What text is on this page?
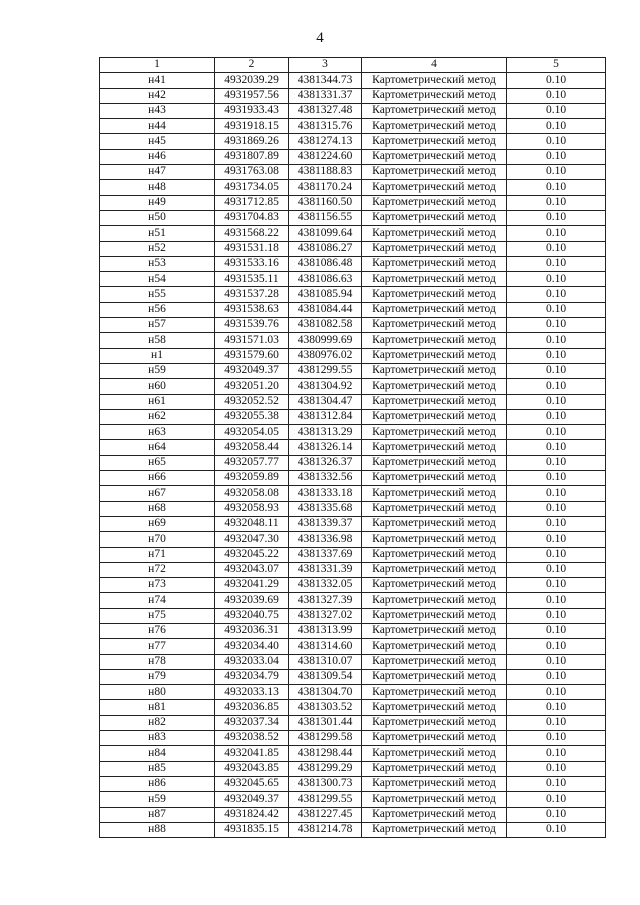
4
1	2	3	4	5
н41	4932039.29	4381344.73	Картометрический метод	0.10
н42	4931957.56	4381331.37	Картометрический метод	0.10
н43	4931933.43	4381327.48	Картометрический метод	0.10
н44	4931918.15	4381315.76	Картометрический метод	0.10
н45	4931869.26	4381274.13	Картометрический метод	0.10
н46	4931807.89	4381224.60	Картометрический метод	0.10
н47	4931763.08	4381188.83	Картометрический метод	0.10
н48	4931734.05	4381170.24	Картометрический метод	0.10
н49	4931712.85	4381160.50	Картометрический метод	0.10
н50	4931704.83	4381156.55	Картометрический метод	0.10
н51	4931568.22	4381099.64	Картометрический метод	0.10
н52	4931531.18	4381086.27	Картометрический метод	0.10
н53	4931533.16	4381086.48	Картометрический метод	0.10
н54	4931535.11	4381086.63	Картометрический метод	0.10
н55	4931537.28	4381085.94	Картометрический метод	0.10
н56	4931538.63	4381084.44	Картометрический метод	0.10
н57	4931539.76	4381082.58	Картометрический метод	0.10
н58	4931571.03	4380999.69	Картометрический метод	0.10
н1	4931579.60	4380976.02	Картометрический метод	0.10
н59	4932049.37	4381299.55	Картометрический метод	0.10
н60	4932051.20	4381304.92	Картометрический метод	0.10
н61	4932052.52	4381304.47	Картометрический метод	0.10
н62	4932055.38	4381312.84	Картометрический метод	0.10
н63	4932054.05	4381313.29	Картометрический метод	0.10
н64	4932058.44	4381326.14	Картометрический метод	0.10
н65	4932057.77	4381326.37	Картометрический метод	0.10
н66	4932059.89	4381332.56	Картометрический метод	0.10
н67	4932058.08	4381333.18	Картометрический метод	0.10
н68	4932058.93	4381335.68	Картометрический метод	0.10
н69	4932048.11	4381339.37	Картометрический метод	0.10
н70	4932047.30	4381336.98	Картометрический метод	0.10
н71	4932045.22	4381337.69	Картометрический метод	0.10
н72	4932043.07	4381331.39	Картометрический метод	0.10
н73	4932041.29	4381332.05	Картометрический метод	0.10
н74	4932039.69	4381327.39	Картометрический метод	0.10
н75	4932040.75	4381327.02	Картометрический метод	0.10
н76	4932036.31	4381313.99	Картометрический метод	0.10
н77	4932034.40	4381314.60	Картометрический метод	0.10
н78	4932033.04	4381310.07	Картометрический метод	0.10
н79	4932034.79	4381309.54	Картометрический метод	0.10
н80	4932033.13	4381304.70	Картометрический метод	0.10
н81	4932036.85	4381303.52	Картометрический метод	0.10
н82	4932037.34	4381301.44	Картометрический метод	0.10
н83	4932038.52	4381299.58	Картометрический метод	0.10
н84	4932041.85	4381298.44	Картометрический метод	0.10
н85	4932043.85	4381299.29	Картометрический метод	0.10
н86	4932045.65	4381300.73	Картометрический метод	0.10
н59	4932049.37	4381299.55	Картометрический метод	0.10
н87	4931824.42	4381227.45	Картометрический метод	0.10
н88	4931835.15	4381214.78	Картометрический метод	0.10
